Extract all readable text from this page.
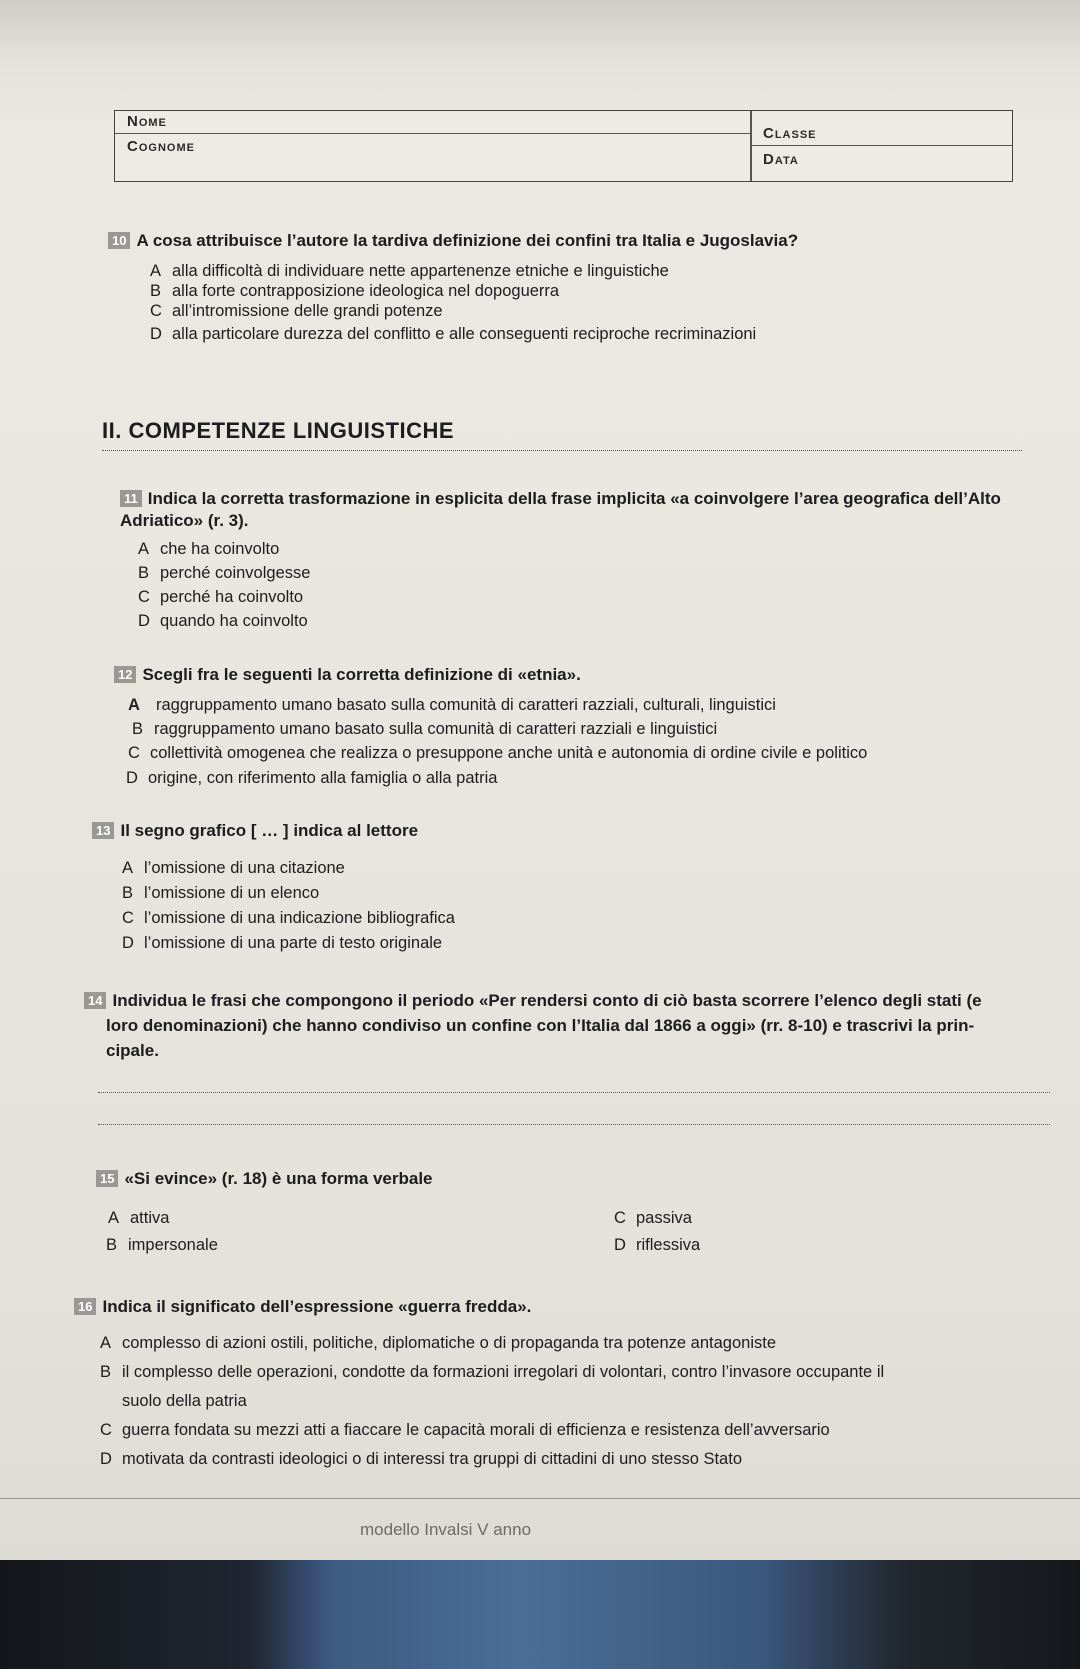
Nome
Cognome
Classe
Data
10 A cosa attribuisce l’autore la tardiva definizione dei confini tra Italia e Jugoslavia?
A alla difficoltà di individuare nette appartenenze etniche e linguistiche
B alla forte contrapposizione ideologica nel dopoguerra
C all’intromissione delle grandi potenze
D alla particolare durezza del conflitto e alle conseguenti reciproche recriminazioni
II. COMPETENZE LINGUISTICHE
11 Indica la corretta trasformazione in esplicita della frase implicita «a coinvolgere l’area geografica dell’Alto
Adriatico» (r. 3).
A che ha coinvolto
B perché coinvolgesse
C perché ha coinvolto
D quando ha coinvolto
12 Scegli fra le seguenti la corretta definizione di «etnia».
A raggruppamento umano basato sulla comunità di caratteri razziali, culturali, linguistici
B raggruppamento umano basato sulla comunità di caratteri razziali e linguistici
C collettività omogenea che realizza o presuppone anche unità e autonomia di ordine civile e politico
D origine, con riferimento alla famiglia o alla patria
13 Il segno grafico [ … ] indica al lettore
A l’omissione di una citazione
B l’omissione di un elenco
C l’omissione di una indicazione bibliografica
D l’omissione di una parte di testo originale
14 Individua le frasi che compongono il periodo «Per rendersi conto di ciò basta scorrere l’elenco degli stati (e
loro denominazioni) che hanno condiviso un confine con l’Italia dal 1866 a oggi» (rr. 8-10) e trascrivi la prin-
cipale.
15 «Si evince» (r. 18) è una forma verbale
A attiva
B impersonale
C passiva
D riflessiva
16 Indica il significato dell’espressione «guerra fredda».
A complesso di azioni ostili, politiche, diplomatiche o di propaganda tra potenze antagoniste
B il complesso delle operazioni, condotte da formazioni irregolari di volontari, contro l’invasore occupante il
suolo della patria
C guerra fondata su mezzi atti a fiaccare le capacità morali di efficienza e resistenza dell’avversario
D motivata da contrasti ideologici o di interessi tra gruppi di cittadini di uno stesso Stato
modello Invalsi V anno
